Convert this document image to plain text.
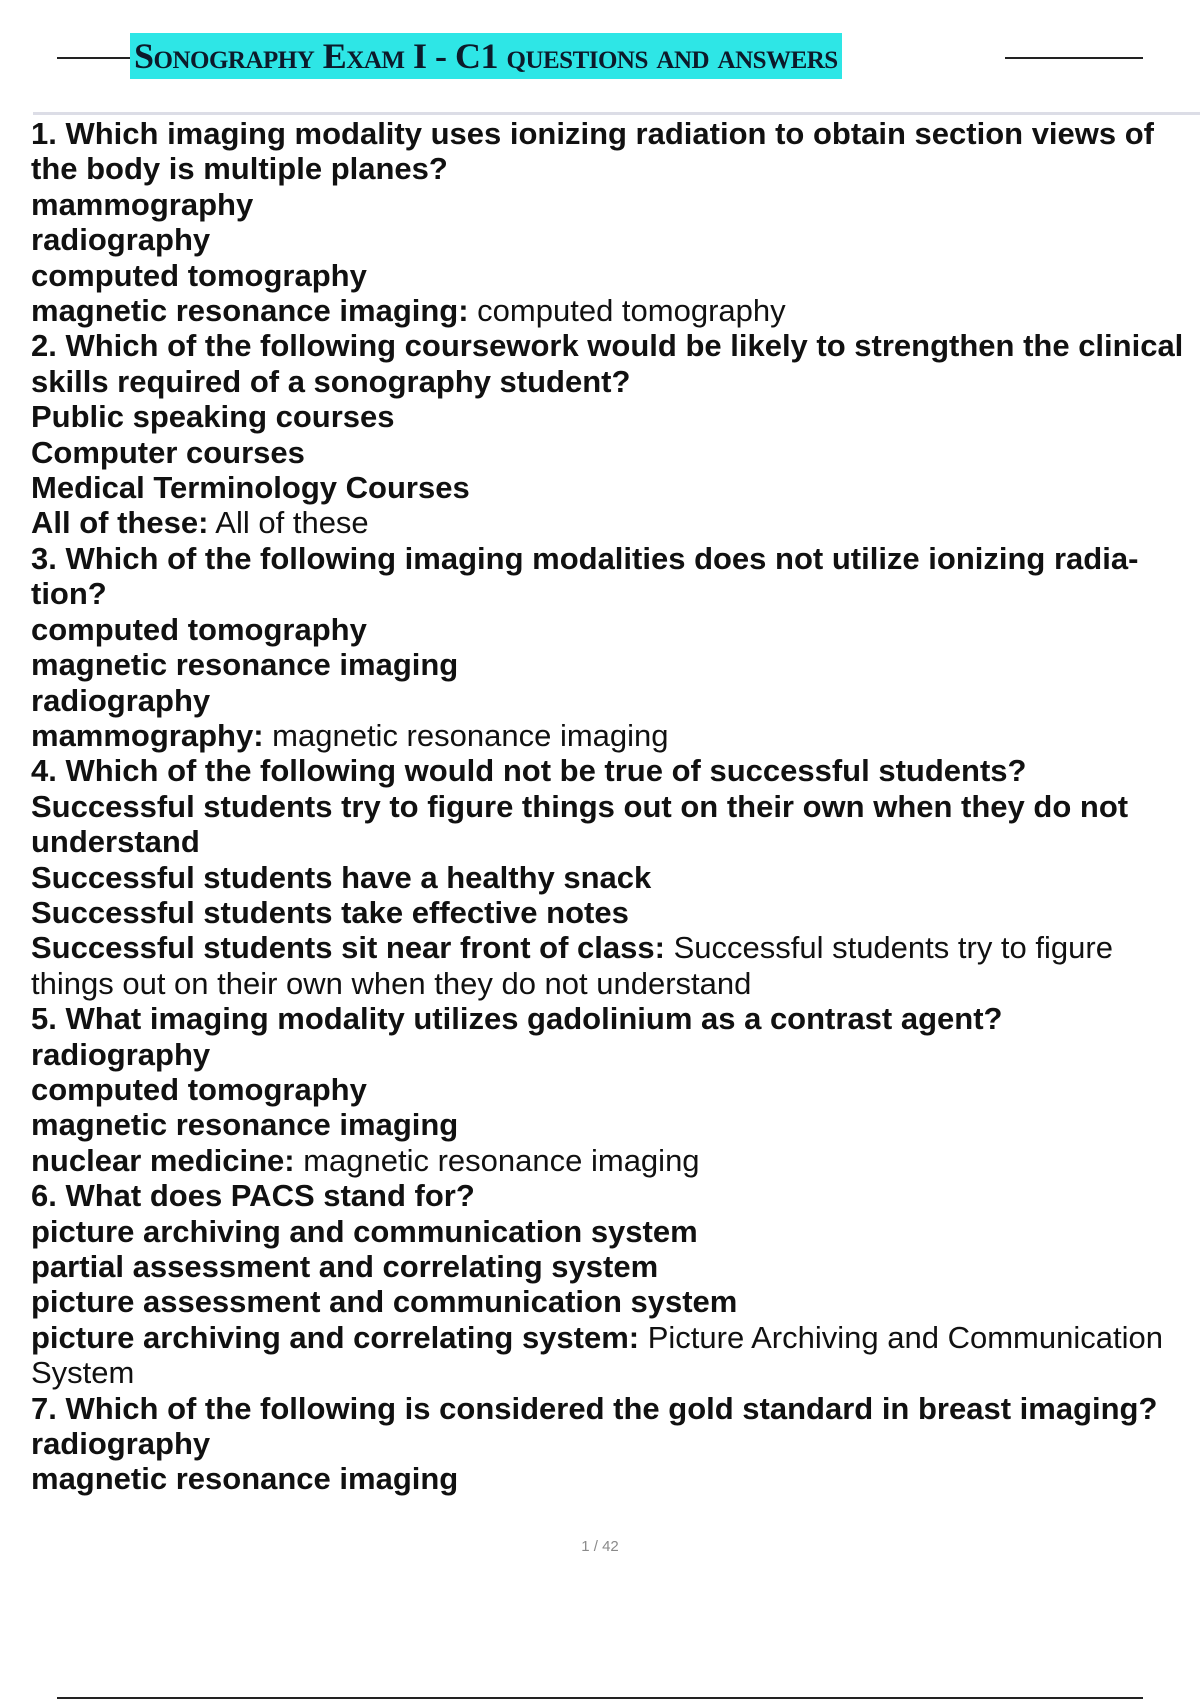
Sonography Exam I - C1 questions and answers
1. Which imaging modality uses ionizing radiation to obtain section views of
the body is multiple planes?
mammography
radiography
computed tomography
magnetic resonance imaging: computed tomography
2. Which of the following coursework would be likely to strengthen the clinical
skills required of a sonography student?
Public speaking courses
Computer courses
Medical Terminology Courses
All of these: All of these
3. Which of the following imaging modalities does not utilize ionizing radia-
tion?
computed tomography
magnetic resonance imaging
radiography
mammography: magnetic resonance imaging
4. Which of the following would not be true of successful students?
Successful students try to figure things out on their own when they do not
understand
Successful students have a healthy snack
Successful students take effective notes
Successful students sit near front of class: Successful students try to figure
things out on their own when they do not understand
5. What imaging modality utilizes gadolinium as a contrast agent?
radiography
computed tomography
magnetic resonance imaging
nuclear medicine: magnetic resonance imaging
6. What does PACS stand for?
picture archiving and communication system
partial assessment and correlating system
picture assessment and communication system
picture archiving and correlating system: Picture Archiving and Communication
System
7. Which of the following is considered the gold standard in breast imaging?
radiography
magnetic resonance imaging
1 / 42
